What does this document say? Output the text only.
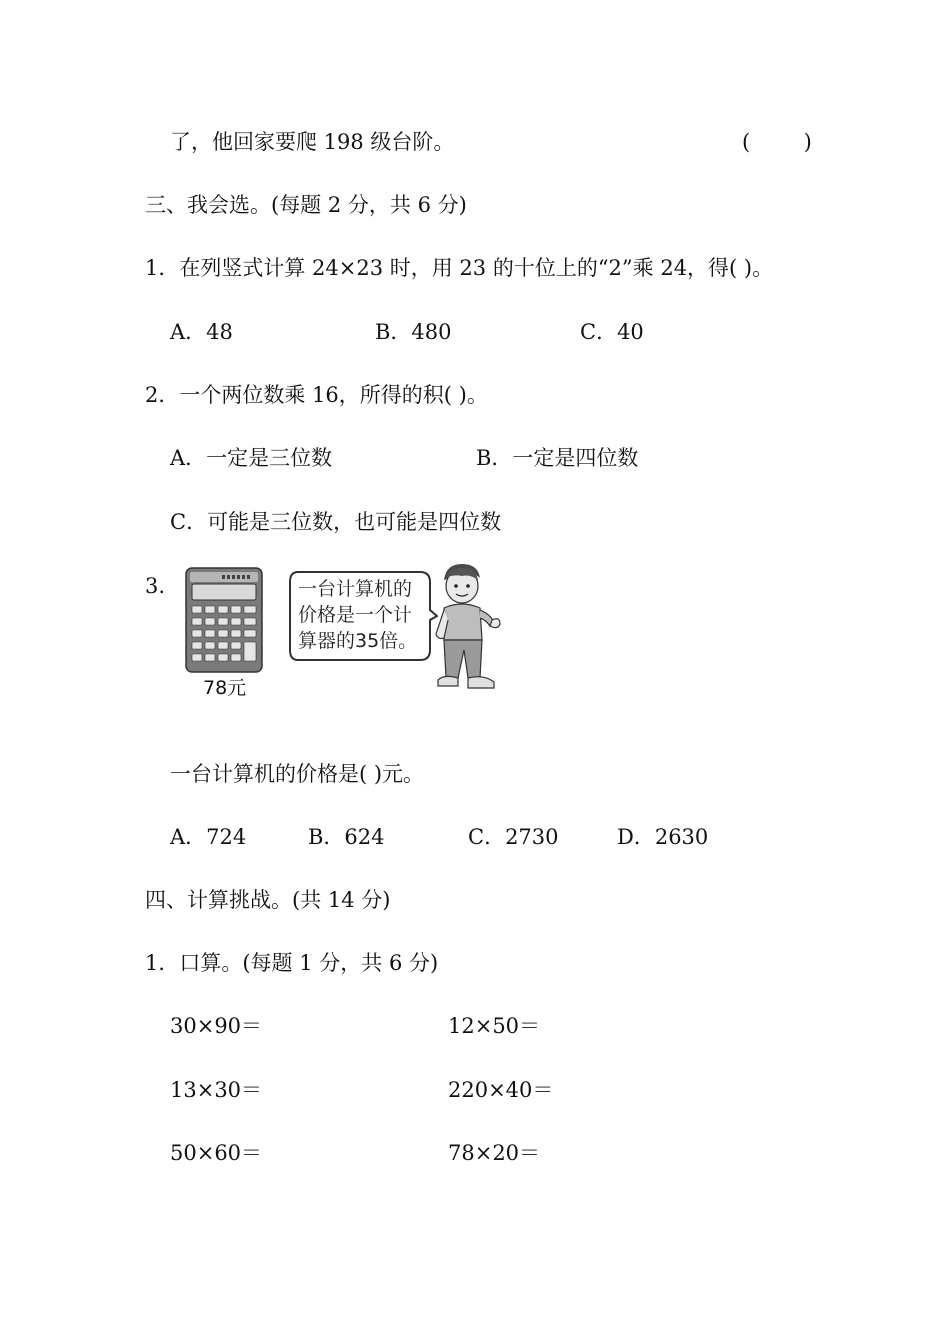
了，他回家要爬 198 级台阶。	(        )
三、我会选。(每题 2 分，共 6 分)
1．在列竖式计算 24×23 时，用 23 的十位上的“2”乘 24，得( )。
A．48	B．480	C．40
2．一个两位数乘 16，所得的积( )。
A．一定是三位数	B．一定是四位数
C．可能是三位数，也可能是四位数
3.
78元
一台计算机的
价格是一个计
算器的35倍。
一台计算机的价格是( )元。
A．724	B．624	C．2730	D．2630
四、计算挑战。(共 14 分)
1．口算。(每题 1 分，共 6 分)
30×90＝	12×50＝
13×30＝	220×40＝
50×60＝	78×20＝
